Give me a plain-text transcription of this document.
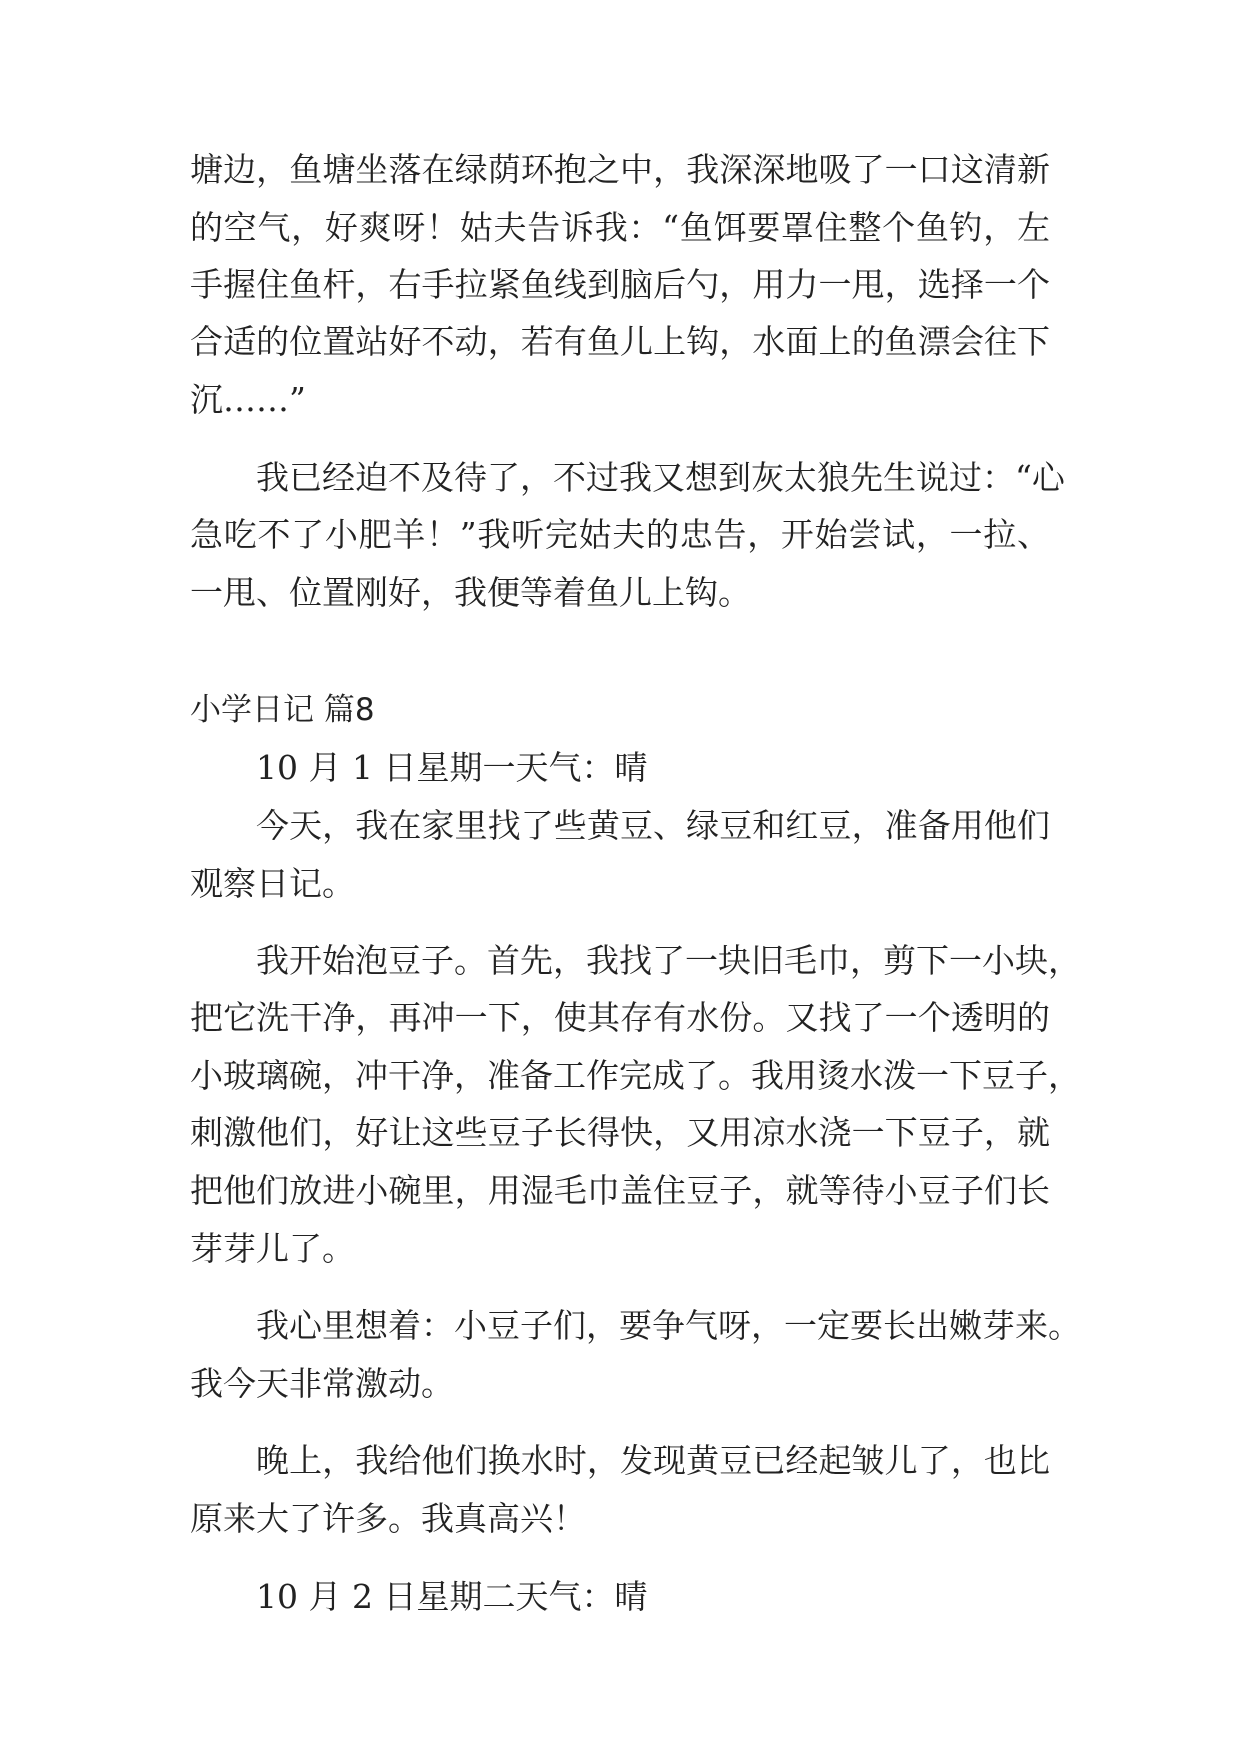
塘边，鱼塘坐落在绿荫环抱之中，我深深地吸了一口这清新
的空气，好爽呀！姑夫告诉我：“鱼饵要罩住整个鱼钓，左
手握住鱼杆，右手拉紧鱼线到脑后勺，用力一甩，选择一个
合适的位置站好不动，若有鱼儿上钩，水面上的鱼漂会往下
沉……”
我已经迫不及待了，不过我又想到灰太狼先生说过：“心
急吃不了小肥羊！”我听完姑夫的忠告，开始尝试，一拉、
一甩、位置刚好，我便等着鱼儿上钩。
小学日记 篇8
10 月 1 日星期一天气：晴
今天，我在家里找了些黄豆、绿豆和红豆，准备用他们
观察日记。
我开始泡豆子。首先，我找了一块旧毛巾，剪下一小块，
把它洗干净，再冲一下，使其存有水份。又找了一个透明的
小玻璃碗，冲干净，准备工作完成了。我用烫水泼一下豆子，
刺激他们，好让这些豆子长得快，又用凉水浇一下豆子，就
把他们放进小碗里，用湿毛巾盖住豆子，就等待小豆子们长
芽芽儿了。
我心里想着：小豆子们，要争气呀，一定要长出嫩芽来。
我今天非常激动。
晚上，我给他们换水时，发现黄豆已经起皱儿了，也比
原来大了许多。我真高兴！
10 月 2 日星期二天气：晴
